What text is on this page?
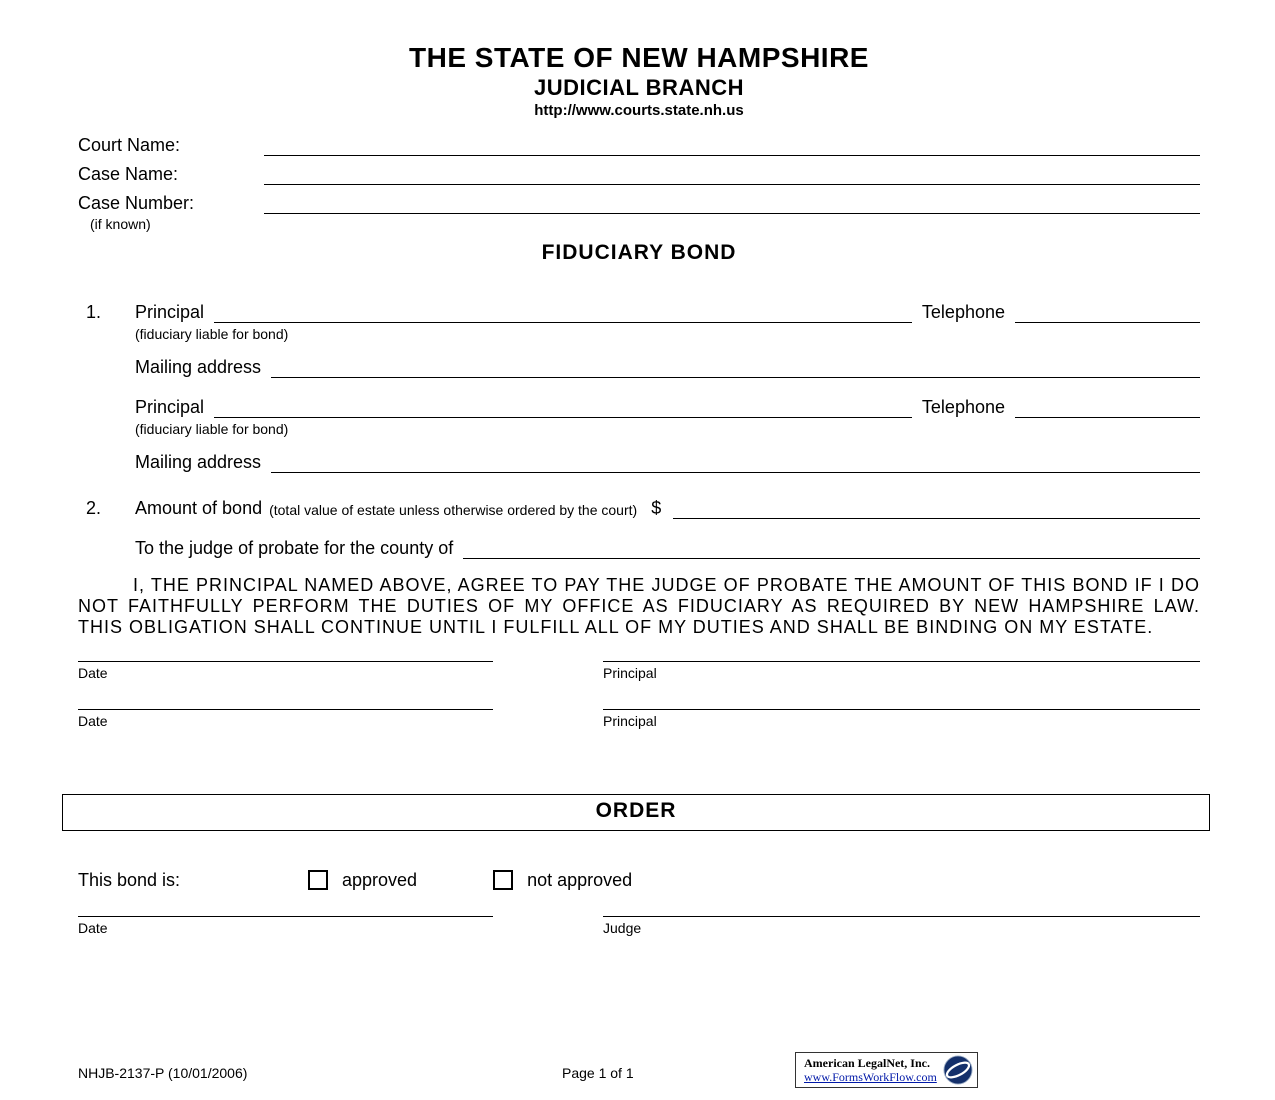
THE STATE OF NEW HAMPSHIRE
JUDICIAL BRANCH
http://www.courts.state.nh.us
Court Name:
Case Name:
Case Number:
(if known)
FIDUCIARY BOND
1.	Principal	Telephone
(fiduciary liable for bond)
Mailing address
Principal	Telephone
(fiduciary liable for bond)
Mailing address
2.	Amount of bond (total value of estate unless otherwise ordered by the court) $
To the judge of probate for the county of
I, THE PRINCIPAL NAMED ABOVE, AGREE TO PAY THE JUDGE OF PROBATE THE AMOUNT OF THIS BOND IF I DO NOT FAITHFULLY PERFORM THE DUTIES OF MY OFFICE AS FIDUCIARY AS REQUIRED BY NEW HAMPSHIRE LAW. THIS OBLIGATION SHALL CONTINUE UNTIL I FULFILL ALL OF MY DUTIES AND SHALL BE BINDING ON MY ESTATE.
Date	Principal
Date	Principal
ORDER
This bond is:	approved	not approved
Date	Judge
NHJB-2137-P (10/01/2006)	Page 1 of 1
American LegalNet, Inc.
www.FormsWorkFlow.com
